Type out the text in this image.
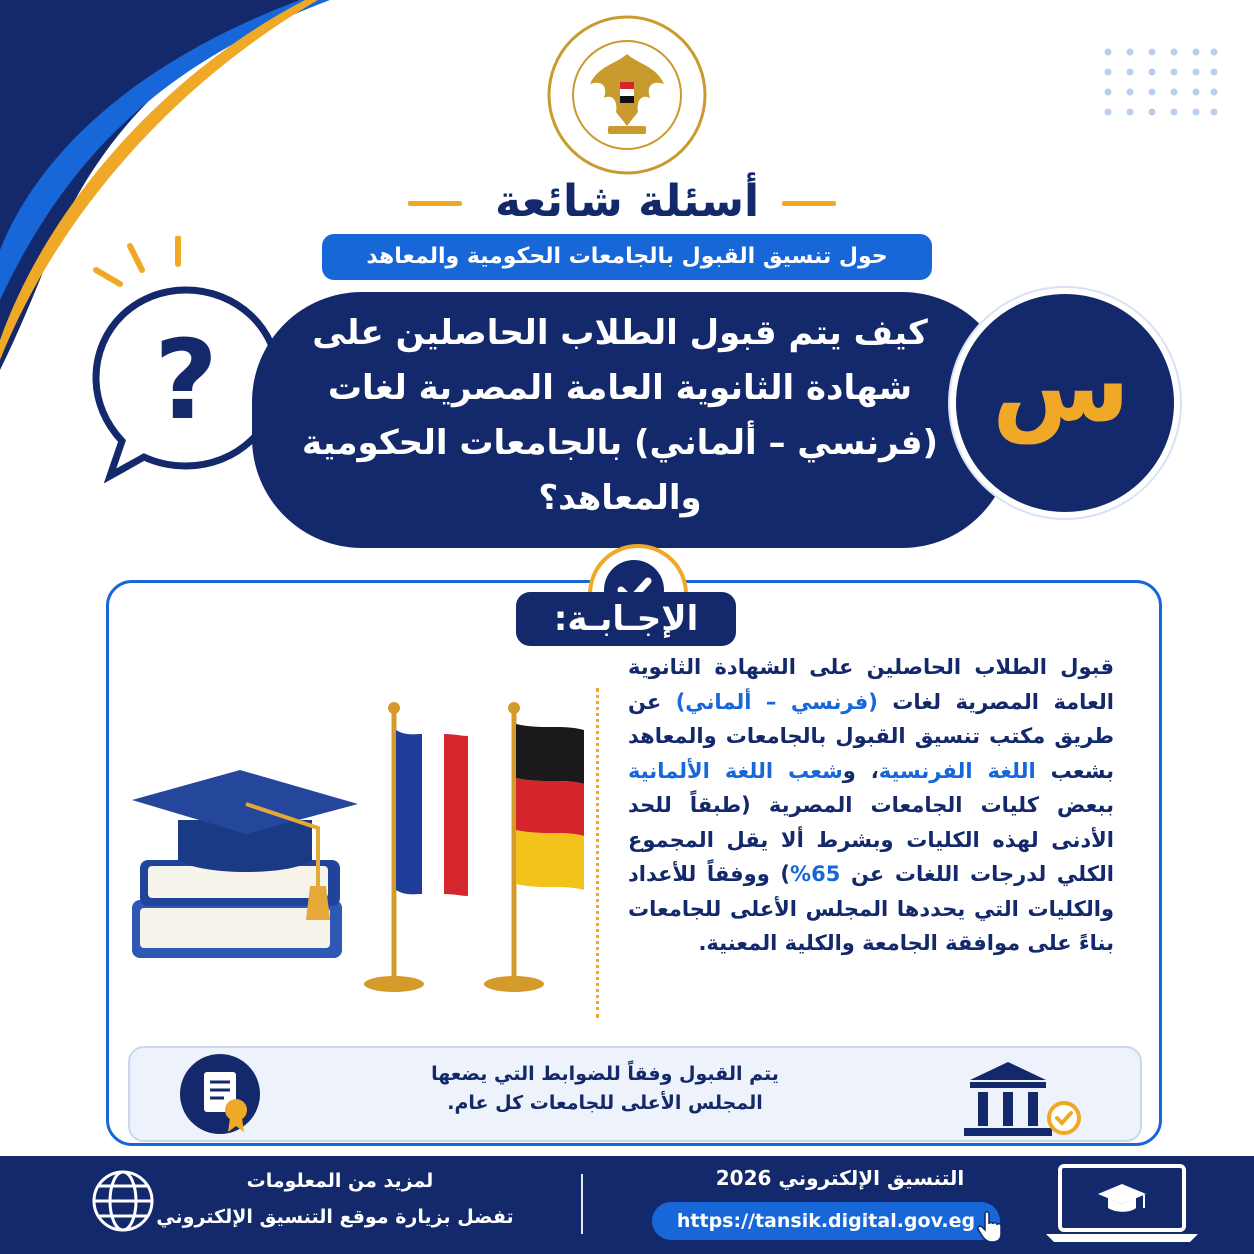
أسئلة شائعة
حول تنسيق القبول بالجامعات الحكومية والمعاهد
?	كيف يتم قبول الطلاب الحاصلين على شهادة الثانوية العامة المصرية لغات (فرنسي – ألماني) بالجامعات الحكومية والمعاهد؟
س
الإجـابـة:
قبول الطلاب الحاصلين على الشهادة الثانوية العامة المصرية لغات (فرنسي – ألماني) عن طريق مكتب تنسيق القبول بالجامعات والمعاهد بشعب اللغة الفرنسية، وشعب اللغة الألمانية ببعض كليات الجامعات المصرية (طبقاً للحد الأدنى لهذه الكليات وبشرط ألا يقل المجموع الكلي لدرجات اللغات عن 65%) ووفقاً للأعداد والكليات التي يحددها المجلس الأعلى للجامعات بناءً على موافقة الجامعة والكلية المعنية.
يتم القبول وفقاً للضوابط التي يضعها المجلس الأعلى للجامعات كل عام.
لمزيد من المعلومات
تفضل بزيارة موقع التنسيق الإلكتروني
التنسيق الإلكتروني 2026
https://tansik.digital.gov.eg
